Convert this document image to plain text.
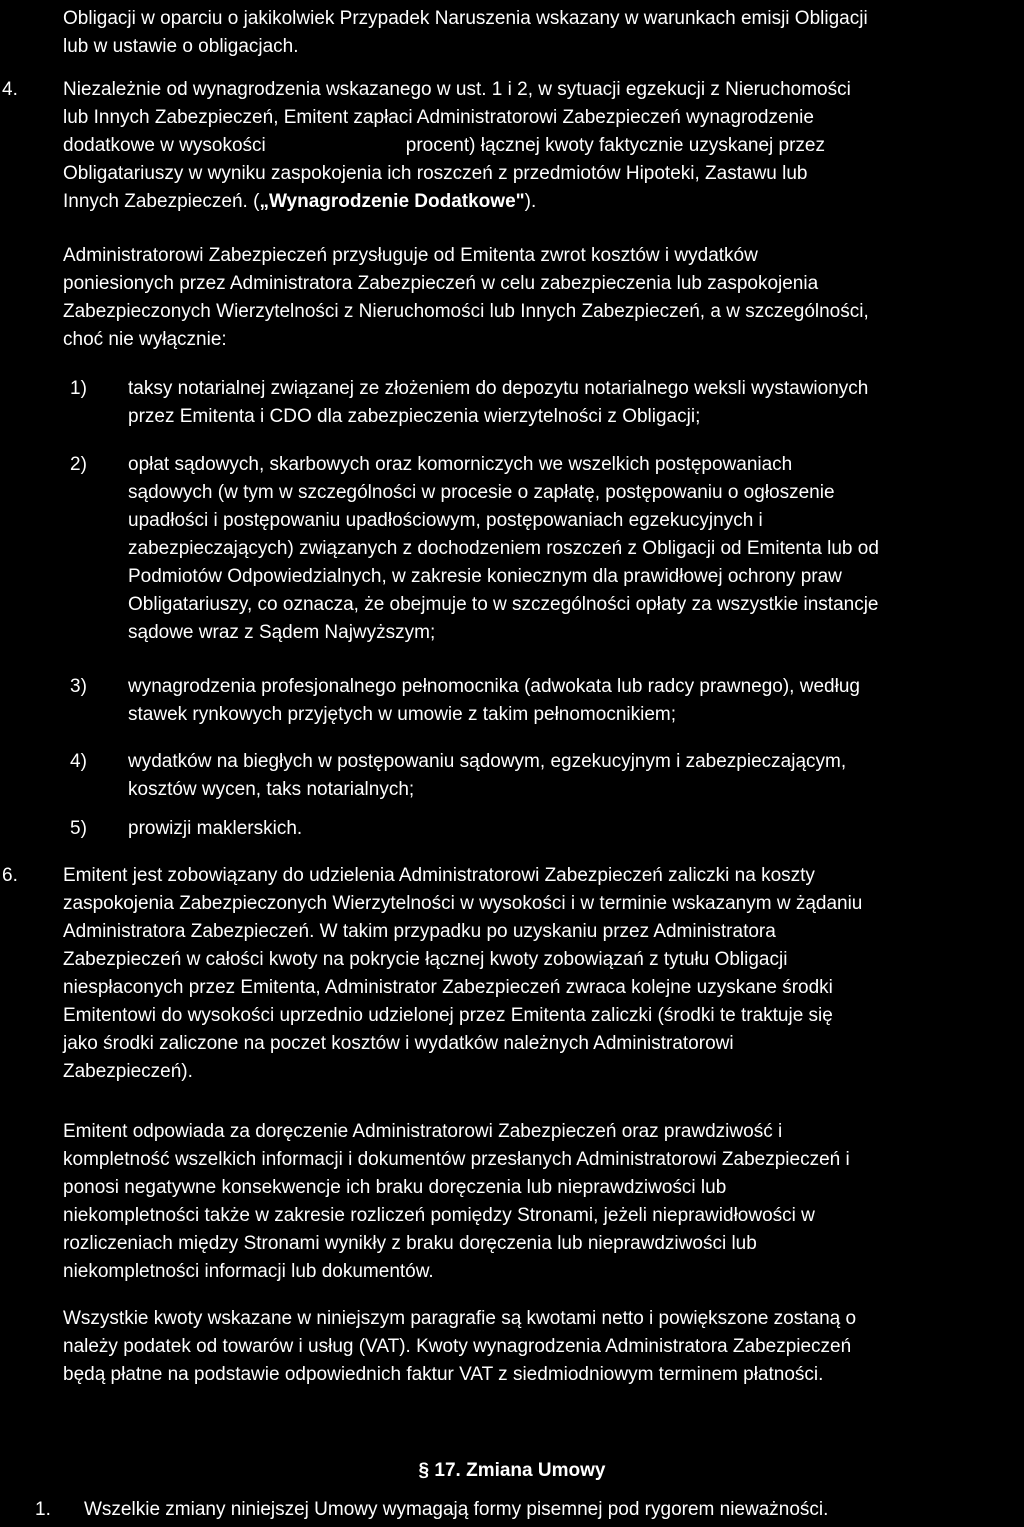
Obligacji w oparciu o jakikolwiek Przypadek Naruszenia wskazany w warunkach emisji Obligacji
lub w ustawie o obligacjach.
4. Niezależnie od wynagrodzenia wskazanego w ust. 1 i 2, w sytuacji egzekucji z Nieruchomości
lub Innych Zabezpieczeń, Emitent zapłaci Administratorowi Zabezpieczeń wynagrodzenie
dodatkowe w wysokości	procent) łącznej kwoty faktycznie uzyskanej przez
Obligatariuszy w wyniku zaspokojenia ich roszczeń z przedmiotów Hipoteki, Zastawu lub
Innych Zabezpieczeń. („Wynagrodzenie Dodatkowe").
Administratorowi Zabezpieczeń przysługuje od Emitenta zwrot kosztów i wydatków
poniesionych przez Administratora Zabezpieczeń w celu zabezpieczenia lub zaspokojenia
Zabezpieczonych Wierzytelności z Nieruchomości lub Innych Zabezpieczeń, a w szczególności,
choć nie wyłącznie:
1) taksy notarialnej związanej ze złożeniem do depozytu notarialnego weksli wystawionych
przez Emitenta i CDO dla zabezpieczenia wierzytelności z Obligacji;
2) opłat sądowych, skarbowych oraz komorniczych we wszelkich postępowaniach
sądowych (w tym w szczególności w procesie o zapłatę, postępowaniu o ogłoszenie
upadłości i postępowaniu upadłościowym, postępowaniach egzekucyjnych i
zabezpieczających) związanych z dochodzeniem roszczeń z Obligacji od Emitenta lub od
Podmiotów Odpowiedzialnych, w zakresie koniecznym dla prawidłowej ochrony praw
Obligatariuszy, co oznacza, że obejmuje to w szczególności opłaty za wszystkie instancje
sądowe wraz z Sądem Najwyższym;
3) wynagrodzenia profesjonalnego pełnomocnika (adwokata lub radcy prawnego), według
stawek rynkowych przyjętych w umowie z takim pełnomocnikiem;
4) wydatków na biegłych w postępowaniu sądowym, egzekucyjnym i zabezpieczającym,
kosztów wycen, taks notarialnych;
5) prowizji maklerskich.
6. Emitent jest zobowiązany do udzielenia Administratorowi Zabezpieczeń zaliczki na koszty
zaspokojenia Zabezpieczonych Wierzytelności w wysokości i w terminie wskazanym w żądaniu
Administratora Zabezpieczeń. W takim przypadku po uzyskaniu przez Administratora
Zabezpieczeń w całości kwoty na pokrycie łącznej kwoty zobowiązań z tytułu Obligacji
niespłaconych przez Emitenta, Administrator Zabezpieczeń zwraca kolejne uzyskane środki
Emitentowi do wysokości uprzednio udzielonej przez Emitenta zaliczki (środki te traktuje się
jako środki zaliczone na poczet kosztów i wydatków należnych Administratorowi
Zabezpieczeń).
Emitent odpowiada za doręczenie Administratorowi Zabezpieczeń oraz prawdziwość i
kompletność wszelkich informacji i dokumentów przesłanych Administratorowi Zabezpieczeń i
ponosi negatywne konsekwencje ich braku doręczenia lub nieprawdziwości lub
niekompletności także w zakresie rozliczeń pomiędzy Stronami, jeżeli nieprawidłowości w
rozliczeniach między Stronami wynikły z braku doręczenia lub nieprawdziwości lub
niekompletności informacji lub dokumentów.
Wszystkie kwoty wskazane w niniejszym paragrafie są kwotami netto i powiększone zostaną o
należy podatek od towarów i usług (VAT). Kwoty wynagrodzenia Administratora Zabezpieczeń
będą płatne na podstawie odpowiednich faktur VAT z siedmiodniowym terminem płatności.
§ 17. Zmiana Umowy
1. Wszelkie zmiany niniejszej Umowy wymagają formy pisemnej pod rygorem nieważności.
